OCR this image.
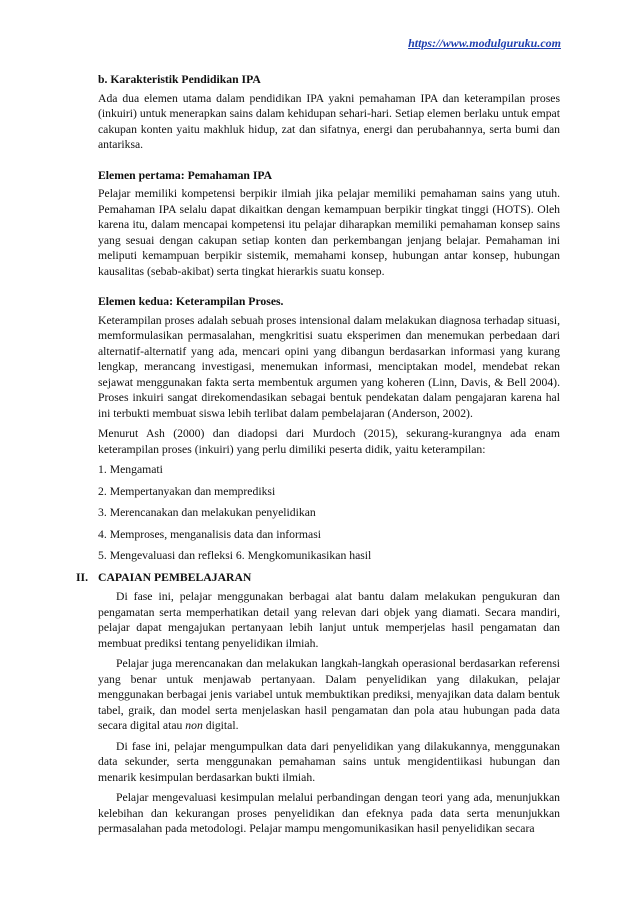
https://www.modulguruku.com
b. Karakteristik Pendidikan IPA

Ada dua elemen utama dalam pendidikan IPA yakni pemahaman IPA dan keterampilan proses (inkuiri) untuk menerapkan sains dalam kehidupan sehari-hari. Setiap elemen berlaku untuk empat cakupan konten yaitu makhluk hidup, zat dan sifatnya, energi dan perubahannya, serta bumi dan antariksa.

Elemen pertama: Pemahaman IPA

Pelajar memiliki kompetensi berpikir ilmiah jika pelajar memiliki pemahaman sains yang utuh. Pemahaman IPA selalu dapat dikaitkan dengan kemampuan berpikir tingkat tinggi (HOTS). Oleh karena itu, dalam mencapai kompetensi itu pelajar diharapkan memiliki pemahaman konsep sains yang sesuai dengan cakupan setiap konten dan perkembangan jenjang belajar. Pemahaman ini meliputi kemampuan berpikir sistemik, memahami konsep, hubungan antar konsep, hubungan kausalitas (sebab-akibat) serta tingkat hierarkis suatu konsep.

Elemen kedua: Keterampilan Proses.

Keterampilan proses adalah sebuah proses intensional dalam melakukan diagnosa terhadap situasi, memformulasikan permasalahan, mengkritisi suatu eksperimen dan menemukan perbedaan dari alternatif-alternatif yang ada, mencari opini yang dibangun berdasarkan informasi yang kurang lengkap, merancang investigasi, menemukan informasi, menciptakan model, mendebat rekan sejawat menggunakan fakta serta membentuk argumen yang koheren (Linn, Davis, & Bell 2004). Proses inkuiri sangat direkomendasikan sebagai bentuk pendekatan dalam pengajaran karena hal ini terbukti membuat siswa lebih terlibat dalam pembelajaran (Anderson, 2002).

Menurut Ash (2000) dan diadopsi dari Murdoch (2015), sekurang-kurangnya ada enam keterampilan proses (inkuiri) yang perlu dimiliki peserta didik, yaitu keterampilan:

1. Mengamati
2. Mempertanyakan dan memprediksi
3. Merencanakan dan melakukan penyelidikan
4. Memproses, menganalisis data dan informasi
5. Mengevaluasi dan refleksi 6. Mengkomunikasikan hasil
II. CAPAIAN PEMBELAJARAN

Di fase ini, pelajar menggunakan berbagai alat bantu dalam melakukan pengukuran dan pengamatan serta memperhatikan detail yang relevan dari objek yang diamati. Secara mandiri, pelajar dapat mengajukan pertanyaan lebih lanjut untuk memperjelas hasil pengamatan dan membuat prediksi tentang penyelidikan ilmiah.

Pelajar juga merencanakan dan melakukan langkah-langkah operasional berdasarkan referensi yang benar untuk menjawab pertanyaan. Dalam penyelidikan yang dilakukan, pelajar menggunakan berbagai jenis variabel untuk membuktikan prediksi, menyajikan data dalam bentuk tabel, graik, dan model serta menjelaskan hasil pengamatan dan pola atau hubungan pada data secara digital atau non digital.

Di fase ini, pelajar mengumpulkan data dari penyelidikan yang dilakukannya, menggunakan data sekunder, serta menggunakan pemahaman sains untuk mengidentiikasi hubungan dan menarik kesimpulan berdasarkan bukti ilmiah.

Pelajar mengevaluasi kesimpulan melalui perbandingan dengan teori yang ada, menunjukkan kelebihan dan kekurangan proses penyelidikan dan efeknya pada data serta menunjukkan permasalahan pada metodologi. Pelajar mampu mengomunikasikan hasil penyelidikan secara
